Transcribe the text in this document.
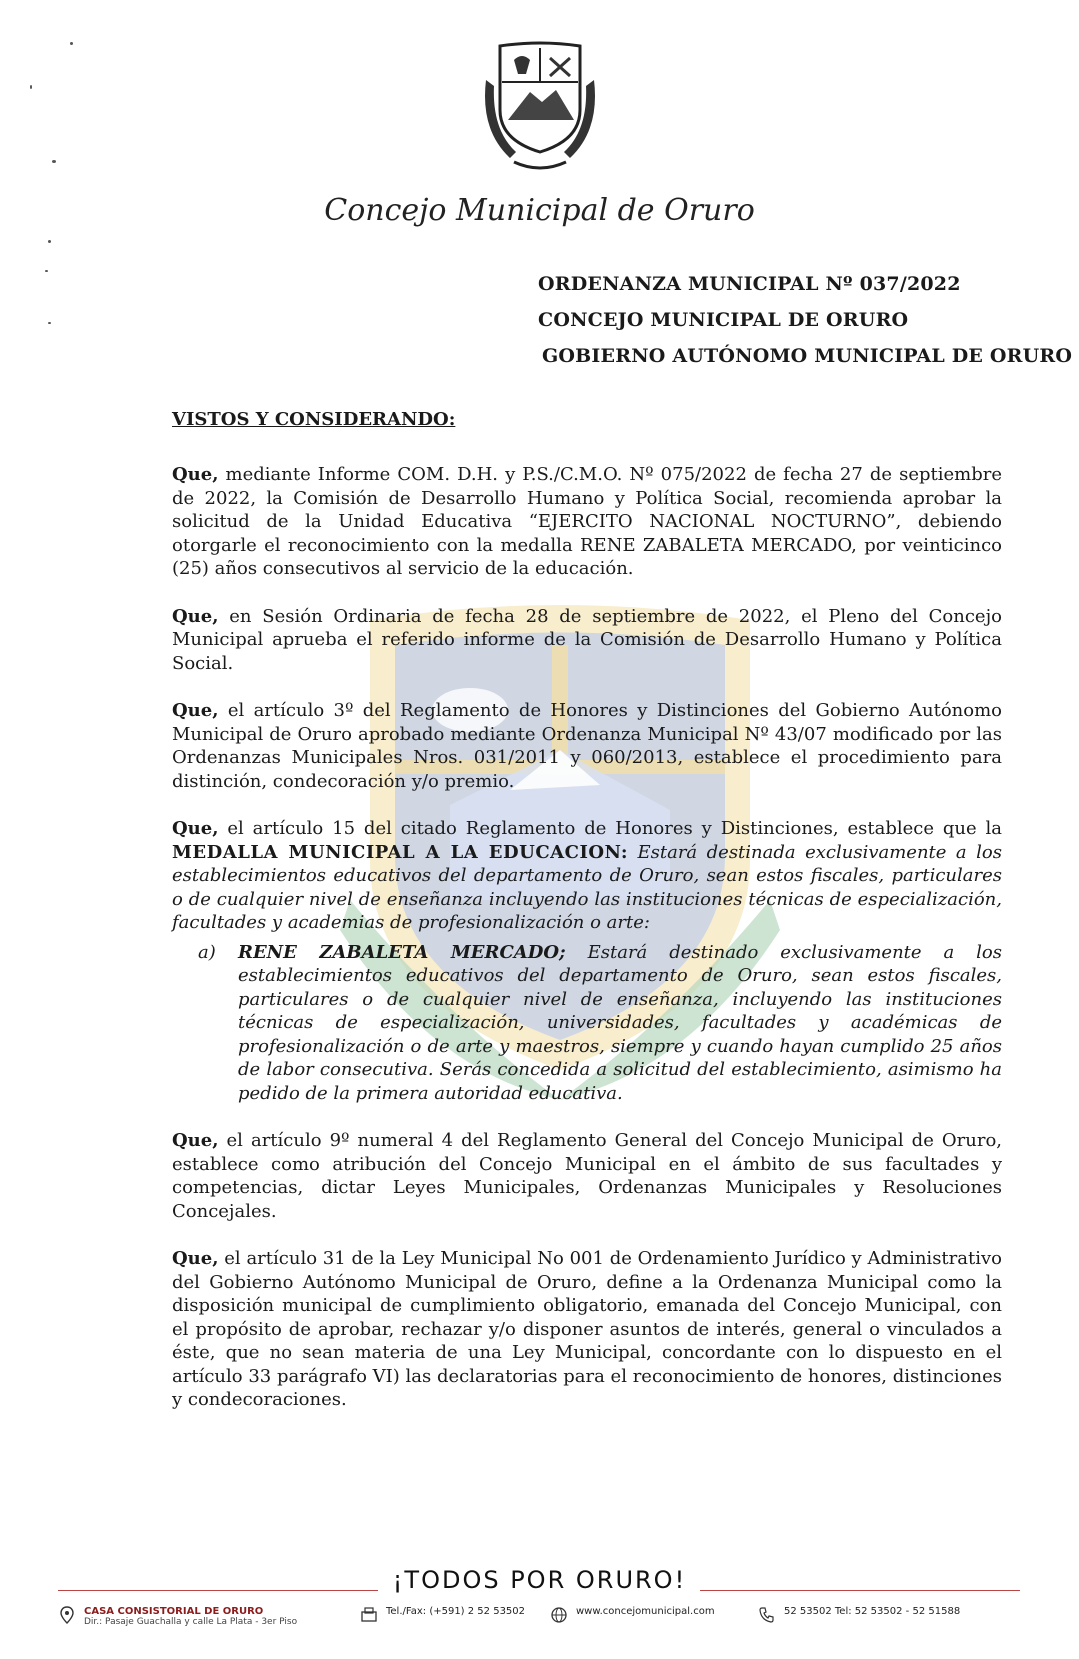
Concejo Municipal de Oruro
ORDENANZA MUNICIPAL Nº 037/2022
CONCEJO MUNICIPAL DE ORURO
GOBIERNO AUTÓNOMO MUNICIPAL DE ORURO
VISTOS Y CONSIDERANDO:

Que, mediante Informe COM. D.H. y P.S./C.M.O. Nº 075/2022 de fecha 27 de septiembre de 2022, la Comisión de Desarrollo Humano y Política Social, recomienda aprobar la solicitud de la Unidad Educativa “EJERCITO NACIONAL NOCTURNO”, debiendo otorgarle el reconocimiento con la medalla RENE ZABALETA MERCADO, por veinticinco (25) años consecutivos al servicio de la educación.

Que, en Sesión Ordinaria de fecha 28 de septiembre de 2022, el Pleno del Concejo Municipal aprueba el referido informe de la Comisión de Desarrollo Humano y Política Social.

Que, el artículo 3º del Reglamento de Honores y Distinciones del Gobierno Autónomo Municipal de Oruro aprobado mediante Ordenanza Municipal Nº 43/07 modificado por las Ordenanzas Municipales Nros. 031/2011 y 060/2013, establece el procedimiento para distinción, condecoración y/o premio.

Que, el artículo 15 del citado Reglamento de Honores y Distinciones, establece que la MEDALLA MUNICIPAL A LA EDUCACION: Estará destinada exclusivamente a los establecimientos educativos del departamento de Oruro, sean estos fiscales, particulares o de cualquier nivel de enseñanza incluyendo las instituciones técnicas de especialización, facultades y academias de profesionalización o arte:

a)	RENE ZABALETA MERCADO; Estará destinado exclusivamente a los establecimientos educativos del departamento de Oruro, sean estos fiscales, particulares o de cualquier nivel de enseñanza, incluyendo las instituciones técnicas de especialización, universidades, facultades y académicas de profesionalización o de arte y maestros, siempre y cuando hayan cumplido 25 años de labor consecutiva. Serás concedida a solicitud del establecimiento, asimismo ha pedido de la primera autoridad educativa.

Que, el artículo 9º numeral 4 del Reglamento General del Concejo Municipal de Oruro, establece como atribución del Concejo Municipal en el ámbito de sus facultades y competencias, dictar Leyes Municipales, Ordenanzas Municipales y Resoluciones Concejales.

Que, el artículo 31 de la Ley Municipal No 001 de Ordenamiento Jurídico y Administrativo del Gobierno Autónomo Municipal de Oruro, define a la Ordenanza Municipal como la disposición municipal de cumplimiento obligatorio, emanada del Concejo Municipal, con el propósito de aprobar, rechazar y/o disponer asuntos de interés, general o vinculados a éste, que no sean materia de una Ley Municipal, concordante con lo dispuesto en el artículo 33 parágrafo VI) las declaratorias para el reconocimiento de honores, distinciones y condecoraciones.

¡TODOS POR ORURO!
CASA CONSISTORIAL DE ORURO
Dir.: Pasaje Guachalla y calle La Plata - 3er Piso
Tel./Fax: (+591) 2 52 53502	www.concejomunicipal.com	52 53502 Tel: 52 53502 - 52 51588
